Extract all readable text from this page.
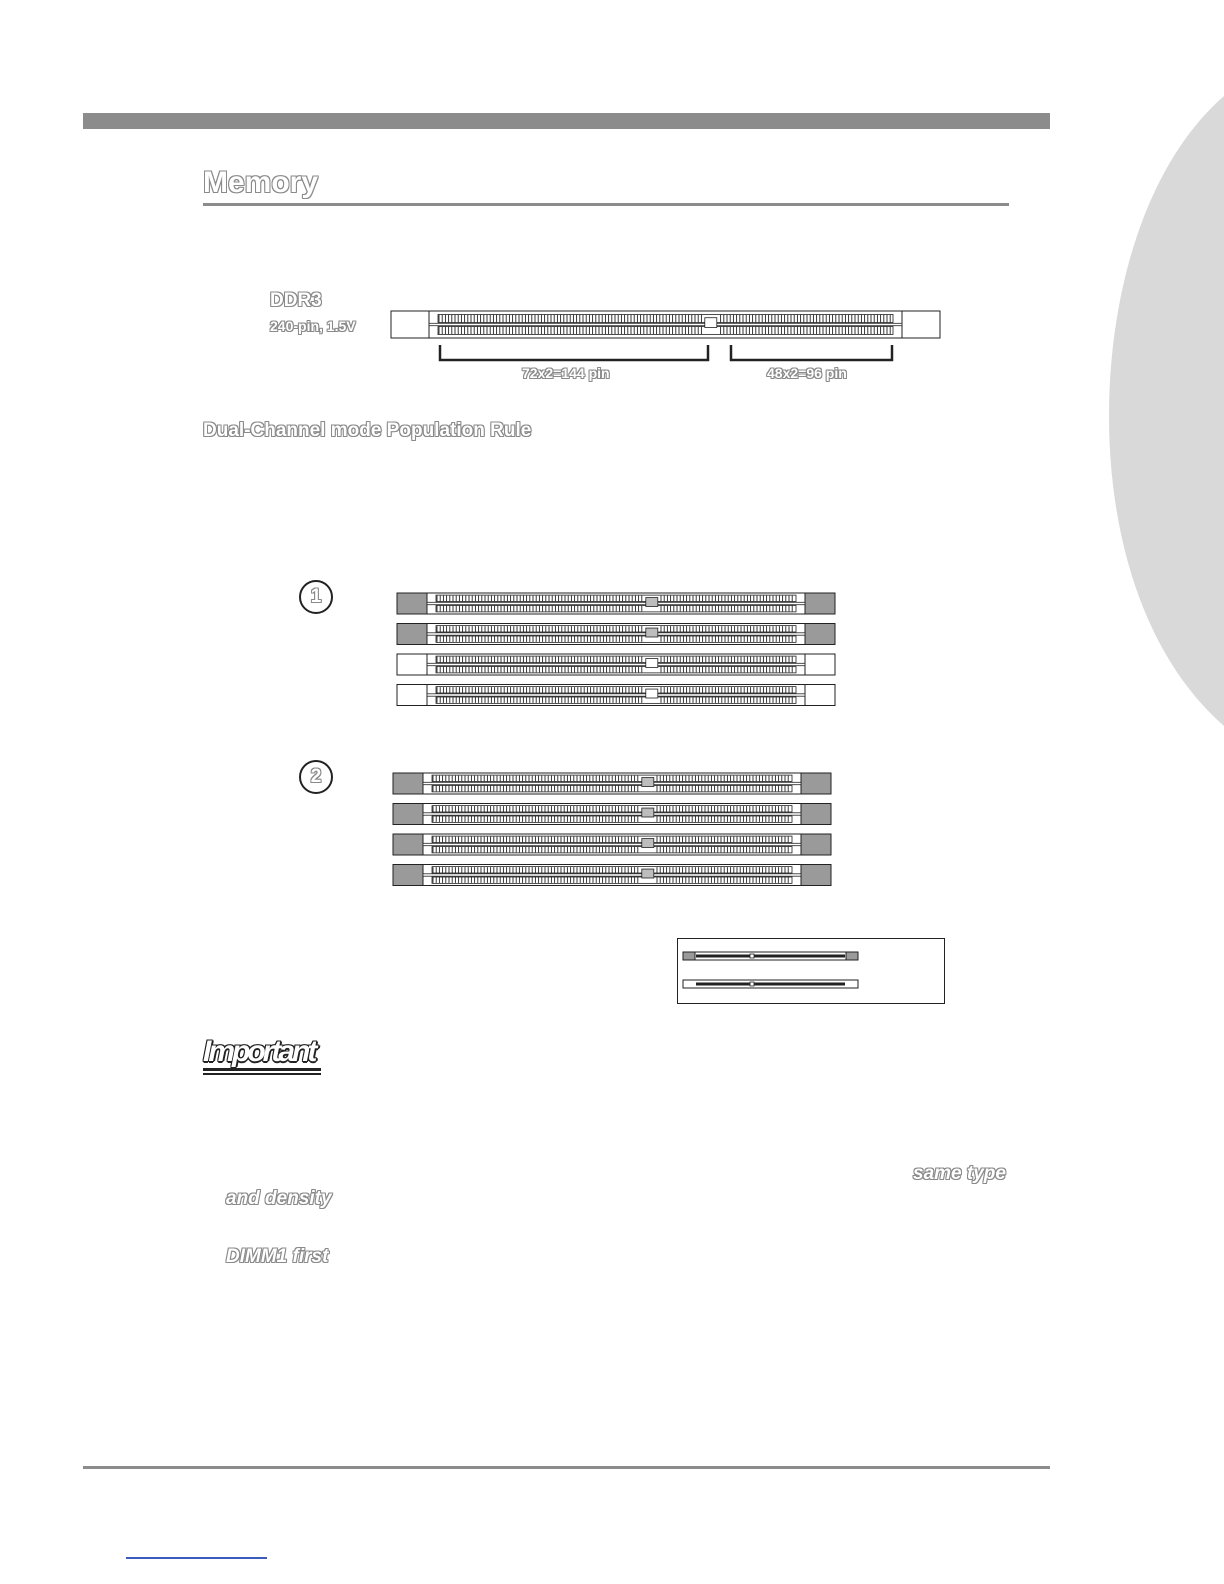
Memory
DDR3
240-pin, 1.5V
72x2=144 pin	48x2=96 pin
Dual-Channel mode Population Rule
1
2
Important
same type
and density
DIMM1 first
